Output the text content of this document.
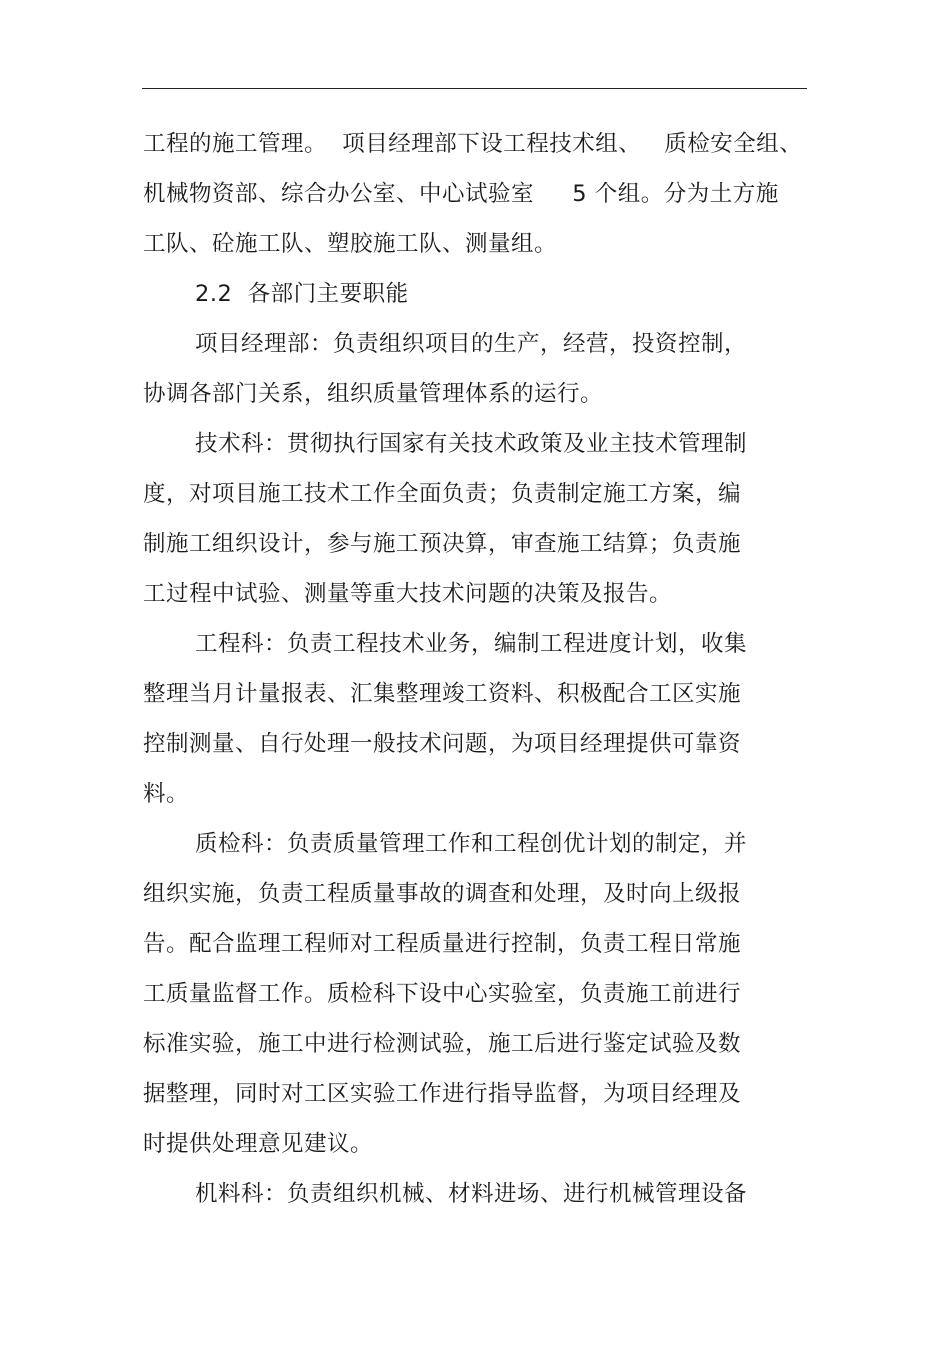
工程的施工管理。  项目经理部下设工程技术组、   质检安全组、
机械物资部、综合办公室、中心试验室     5 个组。分为土方施
工队、砼施工队、塑胶施工队、测量组。
2.2  各部门主要职能
项目经理部：负责组织项目的生产，经营，投资控制，
协调各部门关系，组织质量管理体系的运行。
技术科：贯彻执行国家有关技术政策及业主技术管理制
度，对项目施工技术工作全面负责；负责制定施工方案，编
制施工组织设计，参与施工预决算，审查施工结算；负责施
工过程中试验、测量等重大技术问题的决策及报告。
工程科：负责工程技术业务，编制工程进度计划，收集
整理当月计量报表、汇集整理竣工资料、积极配合工区实施
控制测量、自行处理一般技术问题，为项目经理提供可靠资
料。
质检科：负责质量管理工作和工程创优计划的制定，并
组织实施，负责工程质量事故的调查和处理，及时向上级报
告。配合监理工程师对工程质量进行控制，负责工程日常施
工质量监督工作。质检科下设中心实验室，负责施工前进行
标准实验，施工中进行检测试验，施工后进行鉴定试验及数
据整理，同时对工区实验工作进行指导监督，为项目经理及
时提供处理意见建议。
机料科：负责组织机械、材料进场、进行机械管理设备
